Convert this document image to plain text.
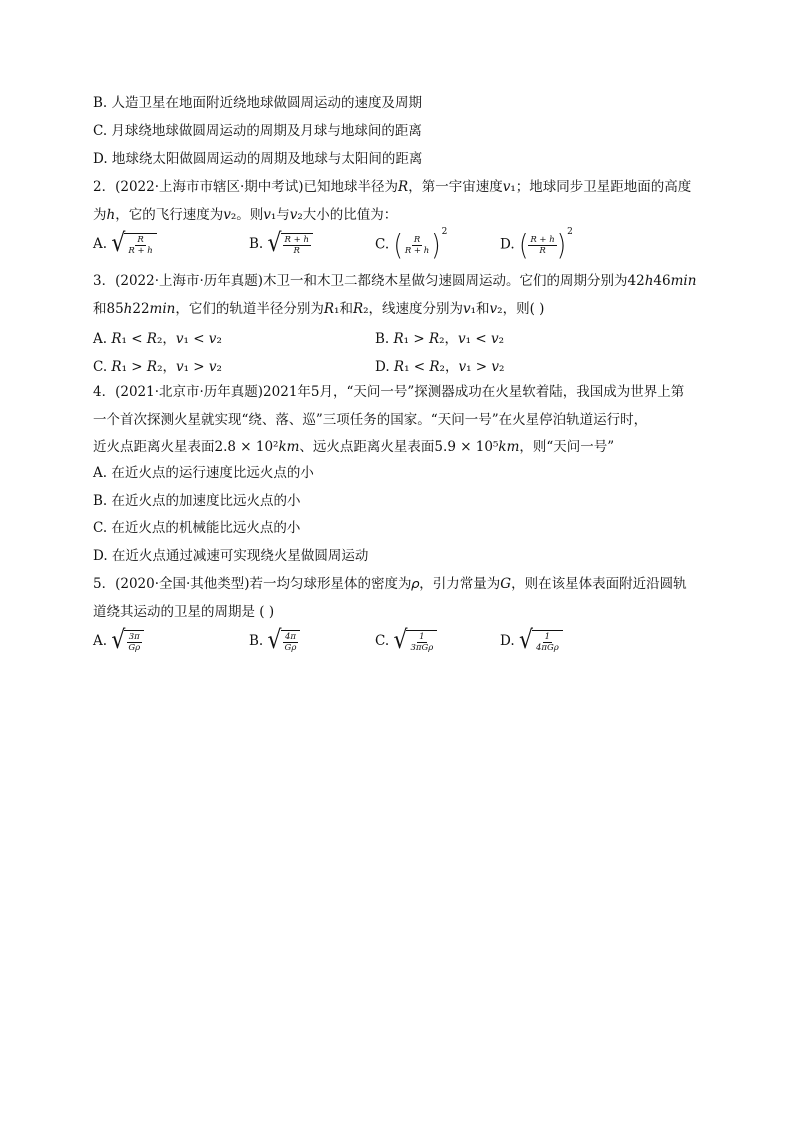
B. 人造卫星在地面附近绕地球做圆周运动的速度及周期
C. 月球绕地球做圆周运动的周期及月球与地球间的距离
D. 地球绕太阳做圆周运动的周期及地球与太阳间的距离
2．(2022·上海市市辖区·期中考试)已知地球半径为𝑅，第一宇宙速度𝑣₁；地球同步卫星距地面的高度
为ℎ，它的飞行速度为𝑣₂。则𝑣₁与𝑣₂大小的比值为：
A. √ $\frac{R}{R + h}$	B. √ $\frac{R + h}{R}$	C. ( $\frac{R}{R + h}$ ) 2
D. ( $\frac{R + h}{R}$ ) 2
3．(2022·上海市·历年真题)木卫一和木卫二都绕木星做匀速圆周运动。它们的周期分别为42ℎ46𝑚𝑖𝑛
和85ℎ22𝑚𝑖𝑛，它们的轨道半径分别为𝑅₁和𝑅₂，线速度分别为𝑣₁和𝑣₂，则( )
A. 𝑅₁ < 𝑅₂，𝑣₁ < 𝑣₂	B. 𝑅₁ > 𝑅₂，𝑣₁ < 𝑣₂
C. 𝑅₁ > 𝑅₂，𝑣₁ > 𝑣₂	D. 𝑅₁ < 𝑅₂，𝑣₁ > 𝑣₂
4．(2021·北京市·历年真题)2021年5月，“天问一号”探测器成功在火星软着陆，我国成为世界上第
一个首次探测火星就实现“绕、落、巡”三项任务的国家。“天问一号”在火星停泊轨道运行时，
近火点距离火星表面2.8 × 10²𝑘𝑚、远火点距离火星表面5.9 × 10⁵𝑘𝑚，则“天问一号”
A. 在近火点的运行速度比远火点的小
B. 在近火点的加速度比远火点的小
C. 在近火点的机械能比远火点的小
D. 在近火点通过减速可实现绕火星做圆周运动
5．(2020·全国·其他类型)若一均匀球形星体的密度为𝜌，引力常量为𝐺，则在该星体表面附近沿圆轨
道绕其运动的卫星的周期是 ( )
A. √ $\frac{3\pi}{G\rho}$	B. √ $\frac{4\pi}{G\rho}$	C. √ $\frac{1}{\text{3πGρ}}$	D. √ $\frac{1}{\text{4πGρ}}$
